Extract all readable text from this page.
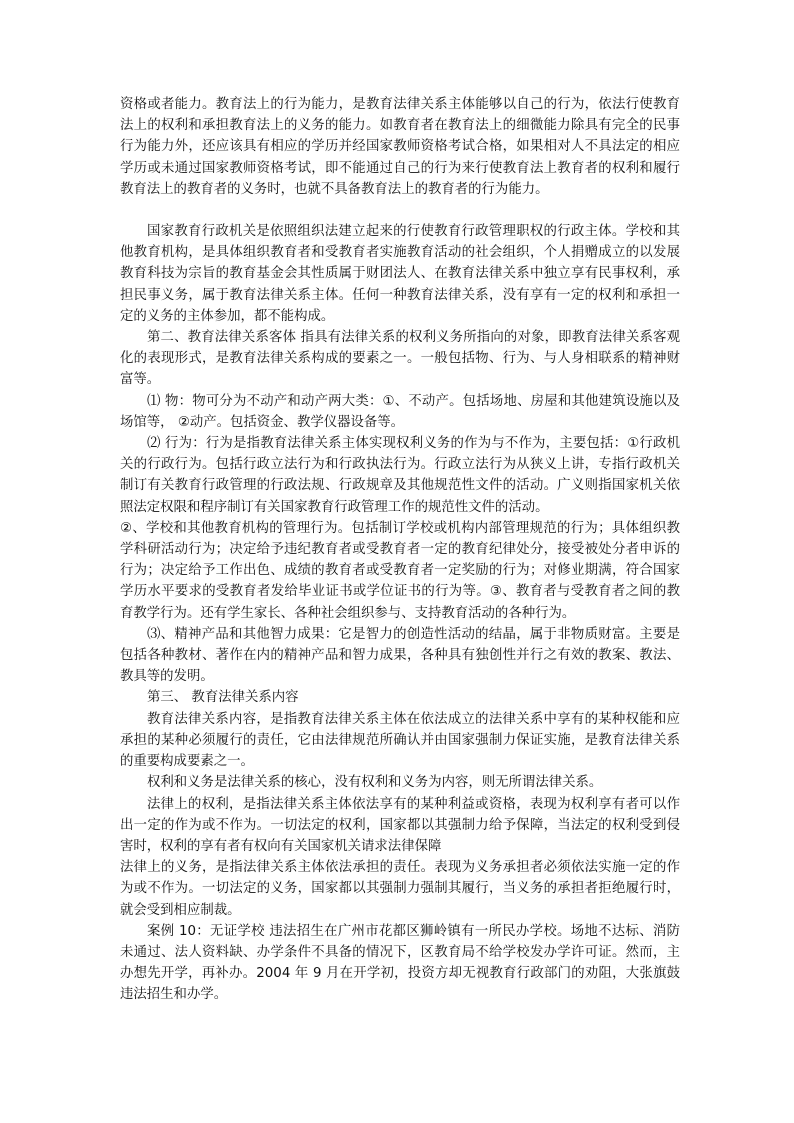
资格或者能力。教育法上的行为能力，是教育法律关系主体能够以自己的行为，依法行使教育法上的权利和承担教育法上的义务的能力。如教育者在教育法上的细微能力除具有完全的民事行为能力外，还应该具有相应的学历并经国家教师资格考试合格，如果相对人不具法定的相应学历或未通过国家教师资格考试，即不能通过自己的行为来行使教育法上教育者的权利和履行教育法上的教育者的义务时，也就不具备教育法上的教育者的行为能力。

国家教育行政机关是依照组织法建立起来的行使教育行政管理职权的行政主体。学校和其他教育机构，是具体组织教育者和受教育者实施教育活动的社会组织，个人捐赠成立的以发展教育科技为宗旨的教育基金会其性质属于财团法人、在教育法律关系中独立享有民事权利，承担民事义务，属于教育法律关系主体。任何一种教育法律关系，没有享有一定的权利和承担一定的义务的主体参加，都不能构成。

第二、教育法律关系客体 指具有法律关系的权利义务所指向的对象，即教育法律关系客观化的表现形式，是教育法律关系构成的要素之一。一般包括物、行为、与人身相联系的精神财富等。

⑴ 物：物可分为不动产和动产两大类：①、不动产。包括场地、房屋和其他建筑设施以及场馆等， ②动产。包括资金、教学仪器设备等。

⑵ 行为：行为是指教育法律关系主体实现权利义务的作为与不作为，主要包括：①行政机关的行政行为。包括行政立法行为和行政执法行为。行政立法行为从狭义上讲，专指行政机关制订有关教育行政管理的行政法规、行政规章及其他规范性文件的活动。广义则指国家机关依照法定权限和程序制订有关国家教育行政管理工作的规范性文件的活动。

②、学校和其他教育机构的管理行为。包括制订学校或机构内部管理规范的行为；具体组织教学科研活动行为；决定给予违纪教育者或受教育者一定的教育纪律处分，接受被处分者申诉的行为；决定给予工作出色、成绩的教育者或受教育者一定奖励的行为；对修业期满，符合国家学历水平要求的受教育者发给毕业证书或学位证书的行为等。③、教育者与受教育者之间的教育教学行为。还有学生家长、各种社会组织参与、支持教育活动的各种行为。

⑶、精神产品和其他智力成果：它是智力的创造性活动的结晶，属于非物质财富。主要是包括各种教材、著作在内的精神产品和智力成果，各种具有独创性并行之有效的教案、教法、教具等的发明。

第三、 教育法律关系内容

教育法律关系内容，是指教育法律关系主体在依法成立的法律关系中享有的某种权能和应承担的某种必须履行的责任，它由法律规范所确认并由国家强制力保证实施，是教育法律关系的重要构成要素之一。

权利和义务是法律关系的核心，没有权利和义务为内容，则无所谓法律关系。

法律上的权利，是指法律关系主体依法享有的某种利益或资格，表现为权利享有者可以作出一定的作为或不作为。一切法定的权利，国家都以其强制力给予保障，当法定的权利受到侵害时，权利的享有者有权向有关国家机关请求法律保障

法律上的义务，是指法律关系主体依法承担的责任。表现为义务承担者必须依法实施一定的作为或不作为。一切法定的义务，国家都以其强制力强制其履行，当义务的承担者拒绝履行时，就会受到相应制裁。

案例 10：无证学校 违法招生在广州市花都区狮岭镇有一所民办学校。场地不达标、消防未通过、法人资料缺、办学条件不具备的情况下，区教育局不给学校发办学许可证。然而，主办想先开学，再补办。2004 年 9 月在开学初，投资方却无视教育行政部门的劝阻，大张旗鼓违法招生和办学。
